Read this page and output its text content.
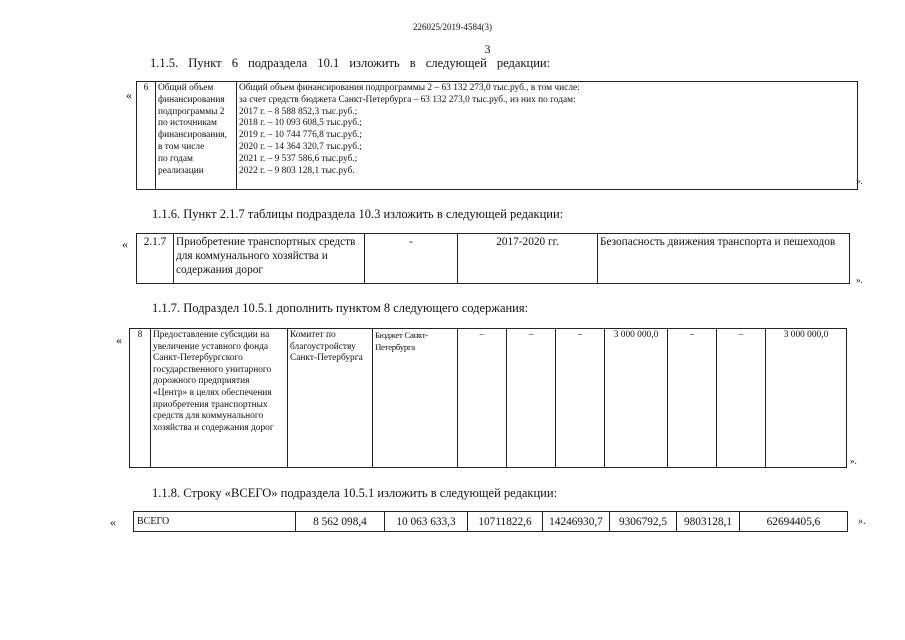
226025/2019-4584(3)
3
1.1.5. Пункт 6 подраздела 10.1 изложить в следующей редакции:
« 6	Общий объем
финансирования
подпрограммы 2
по источникам
финансирования,
в том числе
по годам
реализации

Общий объем финансирования подпрограммы 2 – 63 132 273,0 тыс.руб., в том числе:
за счет средств бюджета Санкт-Петербурга – 63 132 273,0 тыс.руб., из них по годам:
2017 г. – 8 588 852,3 тыс.руб.;
2018 г. – 10 093 608,5 тыс.руб.;
2019 г. – 10 744 776,8 тыс.руб.;
2020 г. – 14 364 320,7 тыс.руб.;
2021 г. – 9 537 586,6 тыс.руб.;
2022 г. – 9 803 128,1 тыс.руб.
».
1.1.6. Пункт 2.1.7 таблицы подраздела 10.3 изложить в следующей редакции:
« 2.1.7	Приобретение транспортных средств для коммунального хозяйства и содержания дорог	-	2017-2020 гг.	Безопасность движения транспорта и пешеходов
».
1.1.7. Подраздел 10.5.1 дополнить пунктом 8 следующего содержания:
« 8	Предоставление субсидии на увеличение уставного фонда Санкт-Петербургского государственного унитарного дорожного предприятия «Центр» в целях обеспечения приобретения транспортных средств для коммунального хозяйства и содержания дорог	Комитет по благоустройству Санкт-Петербурга	Бюджет Санкт-Петербурга	–	–	–	3 000 000,0	–	–	3 000 000,0
».
1.1.8. Строку «ВСЕГО» подраздела 10.5.1 изложить в следующей редакции:
« ВСЕГО	8 562 098,4	10 063 633,3	10711822,6	14246930,7	9306792,5	9803128,1	62694405,6	».
